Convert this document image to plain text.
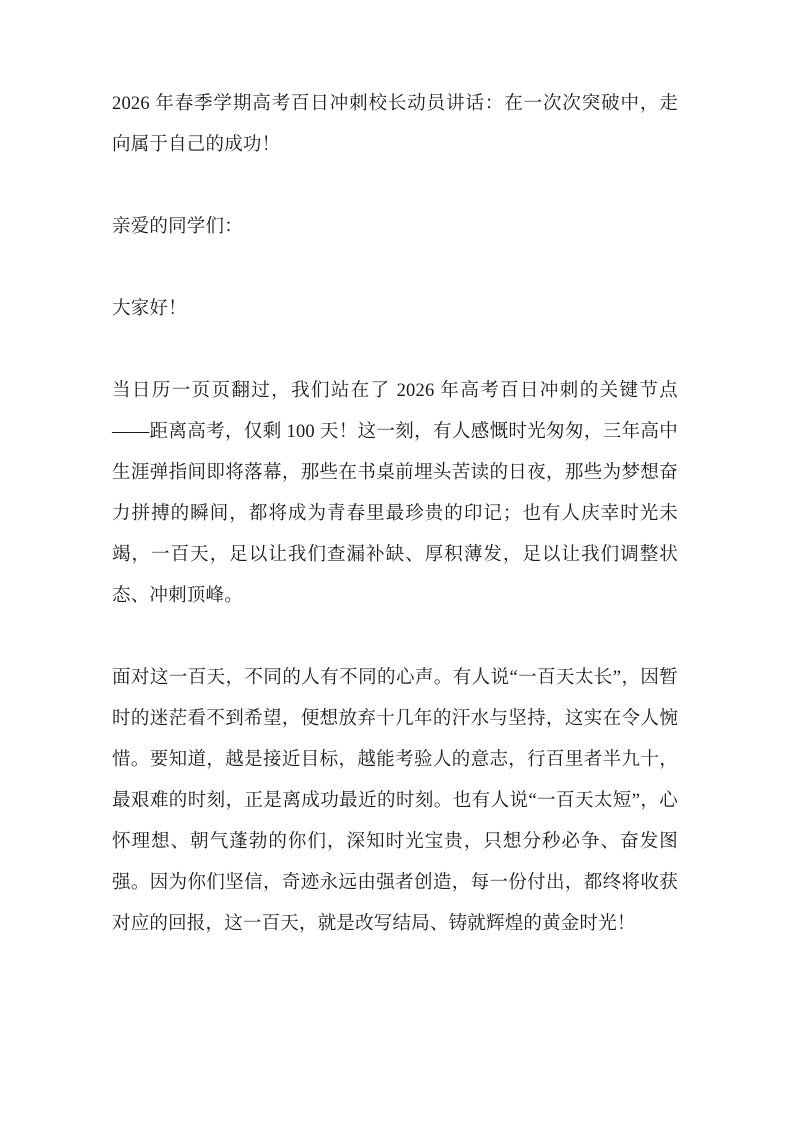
2026 年春季学期高考百日冲刺校长动员讲话：在一次次突破中，走向属于自己的成功！

亲爱的同学们：

大家好！

当日历一页页翻过，我们站在了 2026 年高考百日冲刺的关键节点——距离高考，仅剩 100 天！这一刻，有人感慨时光匆匆，三年高中生涯弹指间即将落幕，那些在书桌前埋头苦读的日夜，那些为梦想奋力拼搏的瞬间，都将成为青春里最珍贵的印记；也有人庆幸时光未竭，一百天，足以让我们查漏补缺、厚积薄发，足以让我们调整状态、冲刺顶峰。

面对这一百天，不同的人有不同的心声。有人说“一百天太长”，因暂时的迷茫看不到希望，便想放弃十几年的汗水与坚持，这实在令人惋惜。要知道，越是接近目标，越能考验人的意志，行百里者半九十，最艰难的时刻，正是离成功最近的时刻。也有人说“一百天太短”，心怀理想、朝气蓬勃的你们，深知时光宝贵，只想分秒必争、奋发图强。因为你们坚信，奇迹永远由强者创造，每一份付出，都终将收获对应的回报，这一百天，就是改写结局、铸就辉煌的黄金时光！
